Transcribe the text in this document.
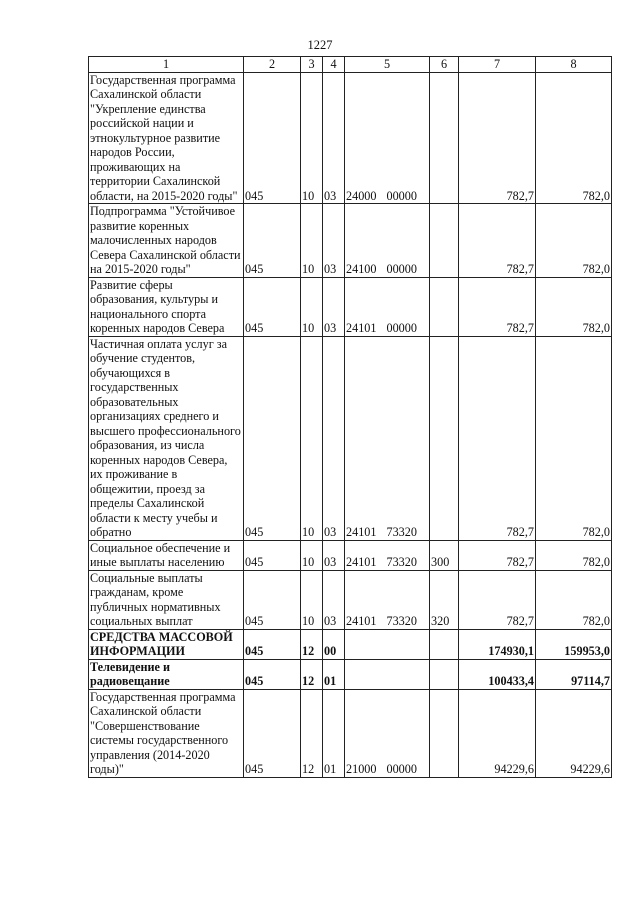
1227
1	2	3	4	5	6	7	8
Государственная программа Сахалинской области "Укрепление единства российской нации и этнокультурное развитие народов России, проживающих на территории Сахалинской области, на 2015-2020 годы"	045	10	03	24000 00000		782,7	782,0
Подпрограмма "Устойчивое развитие коренных малочисленных народов Севера Сахалинской области на 2015-2020 годы"	045	10	03	24100 00000		782,7	782,0
Развитие сферы образования, культуры и национального спорта коренных народов Севера	045	10	03	24101 00000		782,7	782,0
Частичная оплата услуг за обучение студентов, обучающихся в государственных образовательных организациях среднего и высшего профессионального образования, из числа коренных народов Севера, их проживание в общежитии, проезд за пределы Сахалинской области к месту учебы и обратно	045	10	03	24101 73320		782,7	782,0
Социальное обеспечение и иные выплаты населению	045	10	03	24101 73320	300	782,7	782,0
Социальные выплаты гражданам, кроме публичных нормативных социальных выплат	045	10	03	24101 73320	320	782,7	782,0
СРЕДСТВА МАССОВОЙ ИНФОРМАЦИИ	045	12	00			174930,1	159953,0
Телевидение и радиовещание	045	12	01			100433,4	97114,7
Государственная программа Сахалинской области "Совершенствование системы государственного управления (2014-2020 годы)"	045	12	01	21000 00000		94229,6	94229,6
